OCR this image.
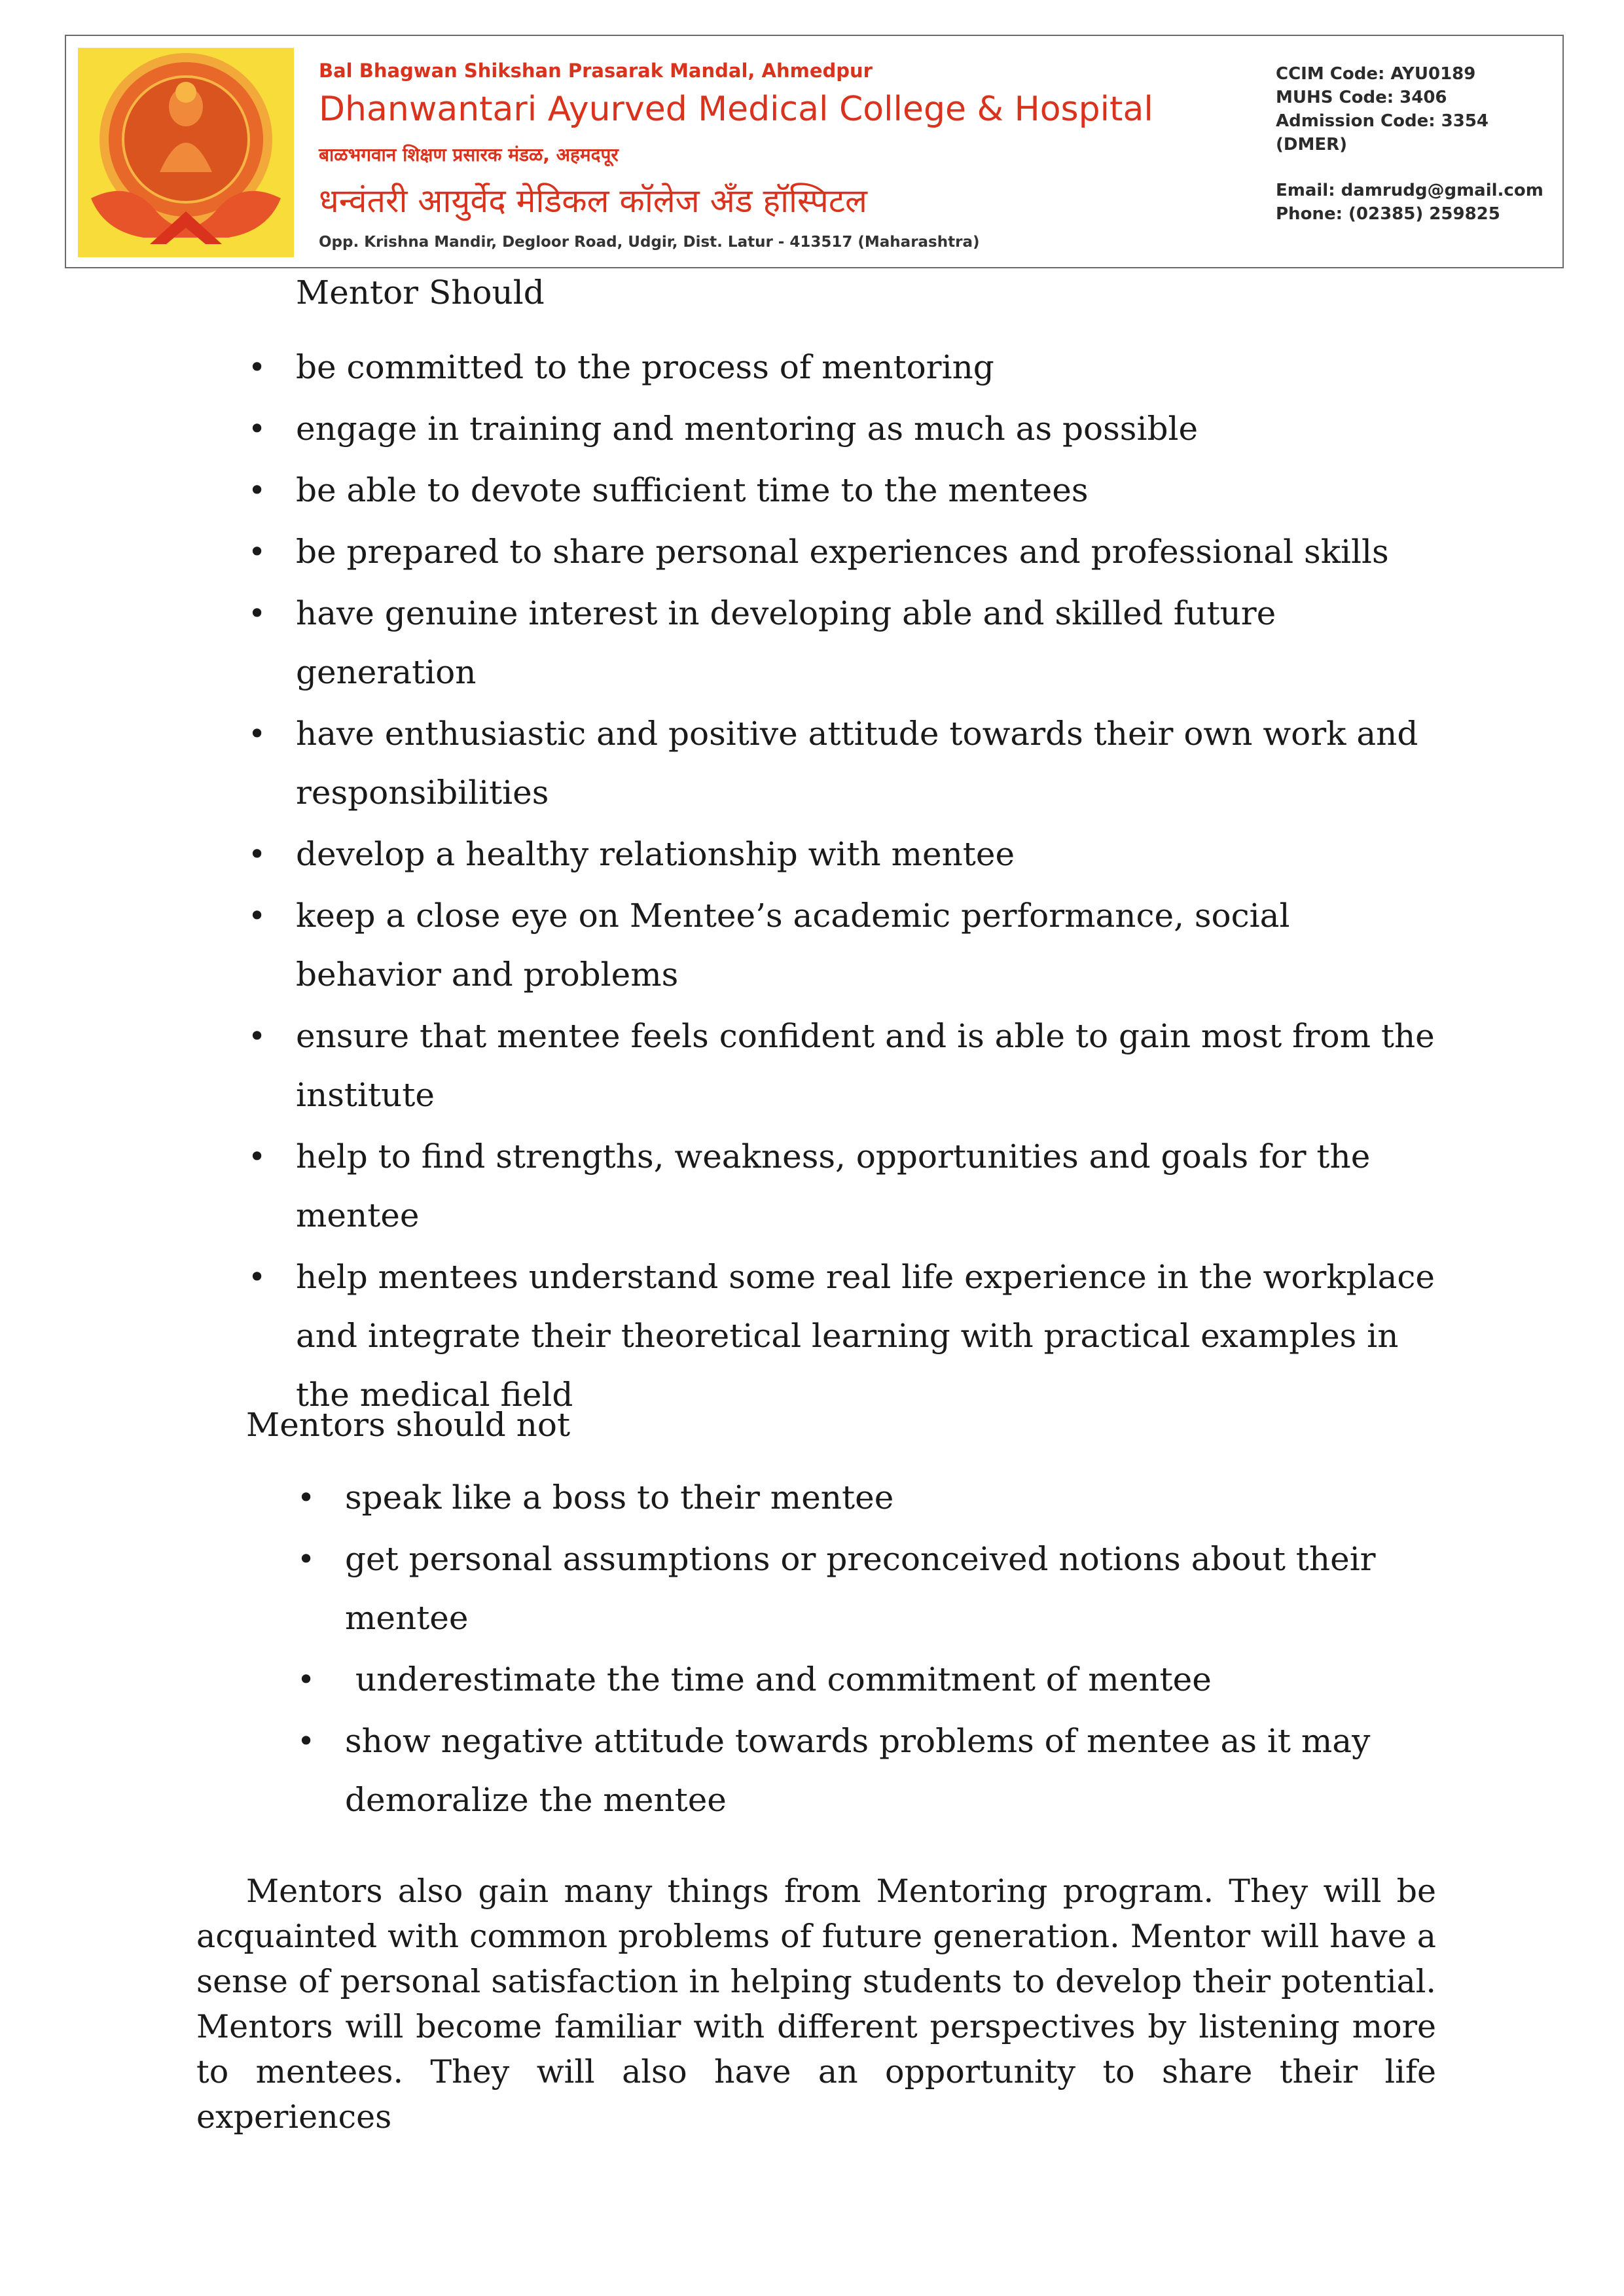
Bal Bhagwan Shikshan Prasarak Mandal, Ahmedpur
Dhanwantari Ayurved Medical College & Hospital
बाळभगवान शिक्षण प्रसारक मंडळ, अहमदपूर
धन्वंतरी आयुर्वेद मेडिकल कॉलेज अँड हॉस्पिटल
Opp. Krishna Mandir, Degloor Road, Udgir, Dist. Latur - 413517 (Maharashtra)
CCIM Code: AYU0189
MUHS Code: 3406
Admission Code: 3354
(DMER)
Email: damrudg@gmail.com
Phone: (02385) 259825
Mentor Should
• be committed to the process of mentoring
• engage in training and mentoring as much as possible
• be able to devote sufficient time to the mentees
• be prepared to share personal experiences and professional skills
• have genuine interest in developing able and skilled future generation
• have enthusiastic and positive attitude towards their own work and responsibilities
• develop a healthy relationship with mentee
• keep a close eye on Mentee’s academic performance, social behavior and problems
• ensure that mentee feels confident and is able to gain most from the institute
• help to find strengths, weakness, opportunities and goals for the mentee
• help mentees understand some real life experience in the workplace and integrate their theoretical learning with practical examples in the medical field
Mentors should not
• speak like a boss to their mentee
• get personal assumptions or preconceived notions about their mentee
• underestimate the time and commitment of mentee
• show negative attitude towards problems of mentee as it may demoralize the mentee
Mentors also gain many things from Mentoring program. They will be acquainted with common problems of future generation. Mentor will have a sense of personal satisfaction in helping students to develop their potential. Mentors will become familiar with different perspectives by listening more to mentees. They will also have an opportunity to share their life experiences
